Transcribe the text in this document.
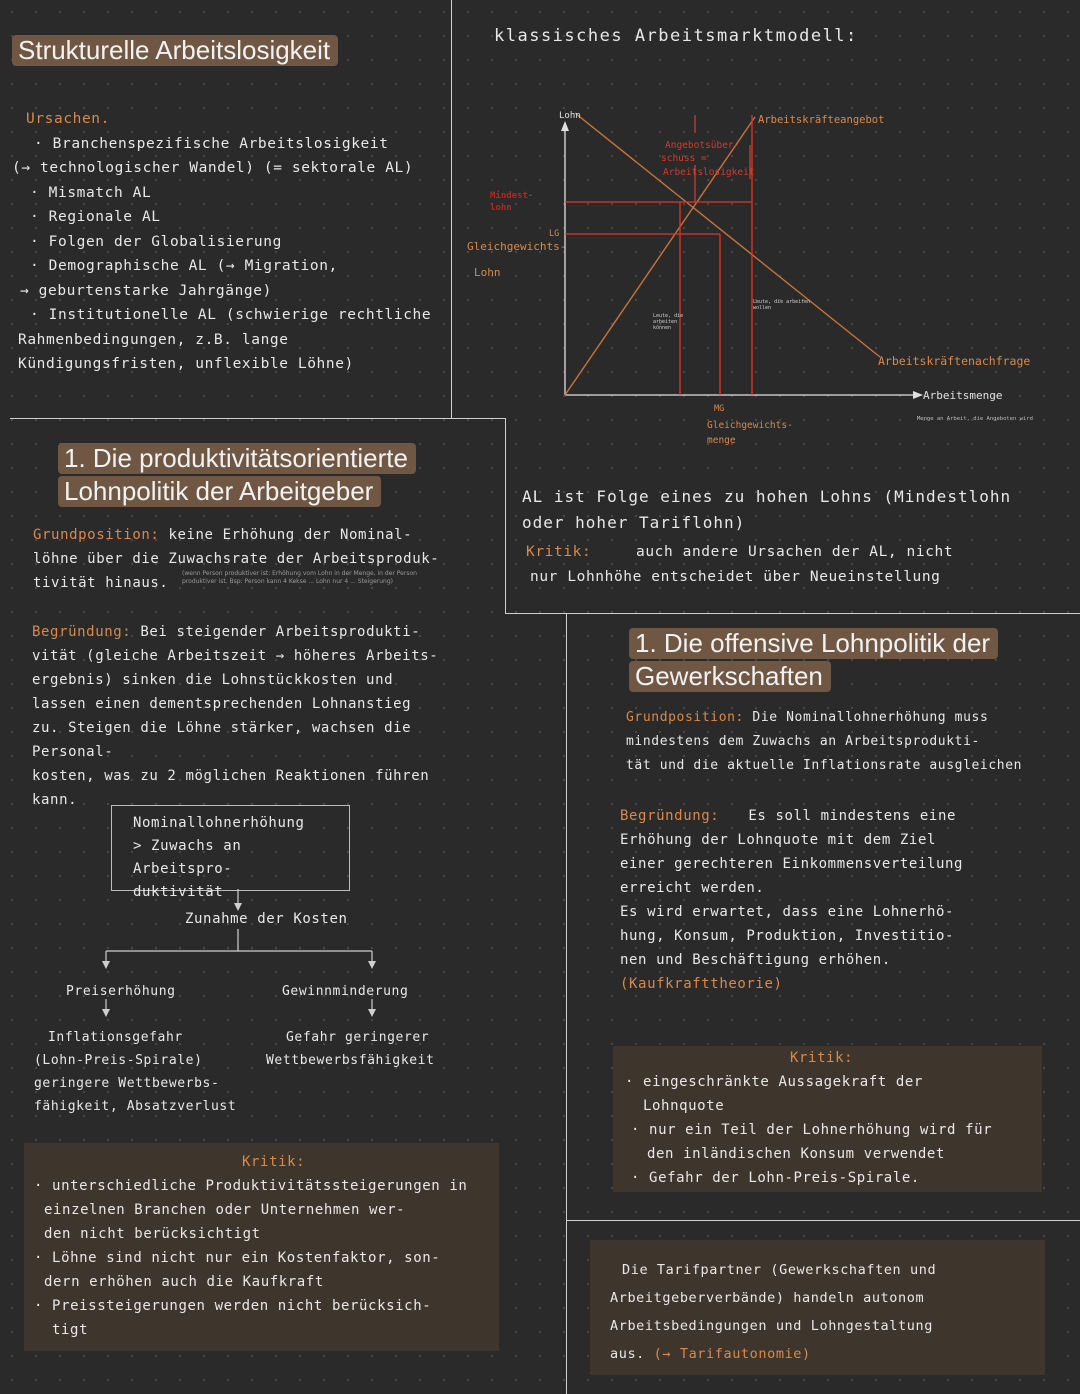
Strukturelle Arbeitslosigkeit
Ursachen.
· Branchenspezifische Arbeitslosigkeit
(→ technologischer Wandel) (= sektorale AL)
· Mismatch AL
· Regionale AL
· Folgen der Globalisierung
· Demographische AL (→ Migration,
→ geburtenstarke Jahrgänge)
· Institutionelle AL (schwierige rechtliche
Rahmenbedingungen, z.B. lange
Kündigungsfristen, unflexible Löhne)
klassisches Arbeitsmarktmodell:
Lohn	Arbeitskräfteangebot
Angebotsüber-
schuss =
Arbeitslosigkeit
Mindest-
lohn
LG
Gleichgewichts-
Lohn
Leute, die
arbeiten
können
Leute, die arbeiten
wollen
Arbeitskräftenachfrage
Arbeitsmenge
Menge an Arbeit, die Angeboten wird
MG
Gleichgewichts-
menge
AL ist Folge eines zu hohen Lohns (Mindestlohn
oder hoher Tariflohn)
Kritik:	auch andere Ursachen der AL, nicht
nur Lohnhöhe entscheidet über Neueinstellung
1. Die produktivitätsorientierte
Lohnpolitik der Arbeitgeber
Grundposition: keine Erhöhung der Nominal-
löhne über die Zuwachsrate der Arbeitsproduk-
tivität hinaus.
(wenn Person produktiver ist: Erhöhung vom Lohn in der Menge, in der Person
produktiver ist. Bsp: Person kann 4 Kekse ... Lohn nur 4 ... Steigerung)
Begründung: Bei steigender Arbeitsprodukti-
vität (gleiche Arbeitszeit → höheres Arbeits-
ergebnis) sinken die Lohnstückkosten und
lassen einen dementsprechenden Lohnanstieg
zu. Steigen die Löhne stärker, wachsen die Personal-
kosten, was zu 2 möglichen Reaktionen führen
kann.
Nominallohnerhöhung
> Zuwachs an Arbeitspro-
duktivität
Zunahme der Kosten
Preiserhöhung	Gewinnminderung
Inflationsgefahr
(Lohn-Preis-Spirale)
geringere Wettbewerbs-
fähigkeit, Absatzverlust
Gefahr geringerer
Wettbewerbsfähigkeit
Kritik:
· unterschiedliche Produktivitätssteigerungen in
einzelnen Branchen oder Unternehmen wer-
den nicht berücksichtigt
· Löhne sind nicht nur ein Kostenfaktor, son-
dern erhöhen auch die Kaufkraft
· Preissteigerungen werden nicht berücksich-
tigt
1. Die offensive Lohnpolitik der
Gewerkschaften
Grundposition: Die Nominallohnerhöhung muss
mindestens dem Zuwachs an Arbeitsprodukti-
tät und die aktuelle Inflationsrate ausgleichen
Begründung: Es soll mindestens eine
Erhöhung der Lohnquote mit dem Ziel
einer gerechteren Einkommensverteilung
erreicht werden.
Es wird erwartet, dass eine Lohnerhö-
hung, Konsum, Produktion, Investitio-
nen und Beschäftigung erhöhen.
(Kaufkrafttheorie)
Kritik:
· eingeschränkte Aussagekraft der
Lohnquote
· nur ein Teil der Lohnerhöhung wird für
den inländischen Konsum verwendet
· Gefahr der Lohn-Preis-Spirale.
Die Tarifpartner (Gewerkschaften und
Arbeitgeberverbände) handeln autonom
Arbeitsbedingungen und Lohngestaltung
aus. (→ Tarifautonomie)
